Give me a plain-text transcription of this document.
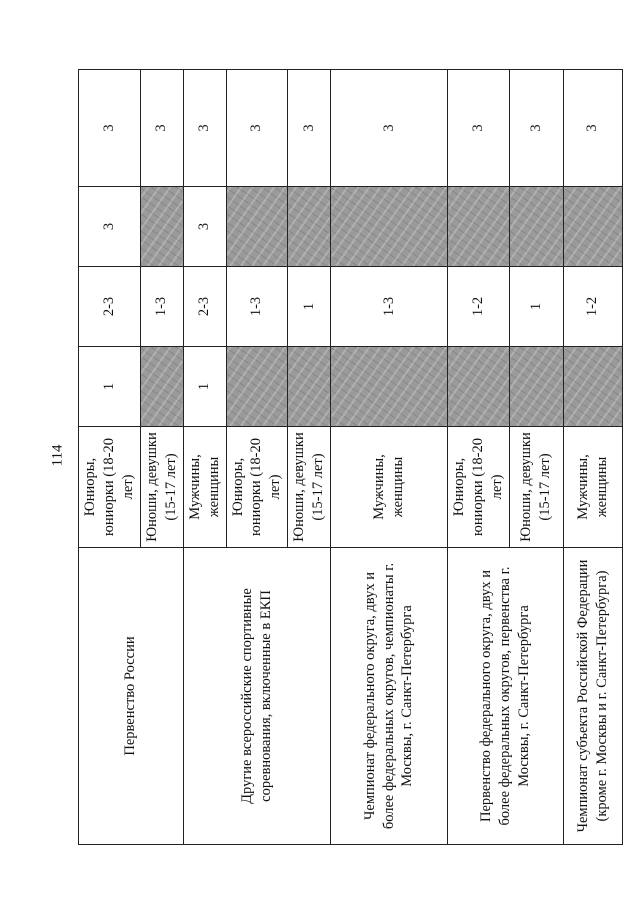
114
Первенство России	Юниоры, юниорки (18-20 лет)	1	2-3	3	3
	Юноши, девушки (15-17 лет)		1-3		3
Другие всероссийские спортивные соревнования, включенные в ЕКП	Мужчины, женщины	1	2-3	3	3
	Юниоры, юниорки (18-20 лет)		1-3		3
	Юноши, девушки (15-17 лет)		1		3
Чемпионат федерального округа, двух и более федеральных округов, чемпионаты г. Москвы, г. Санкт-Петербурга	Мужчины, женщины		1-3		3
Первенство федерального округа, двух и более федеральных округов, первенства г. Москвы, г. Санкт-Петербурга	Юниоры, юниорки (18-20 лет)		1-2		3
	Юноши, девушки (15-17 лет)		1		3
Чемпионат субъекта Российской Федерации (кроме г. Москвы и г. Санкт-Петербурга)	Мужчины, женщины		1-2		3
